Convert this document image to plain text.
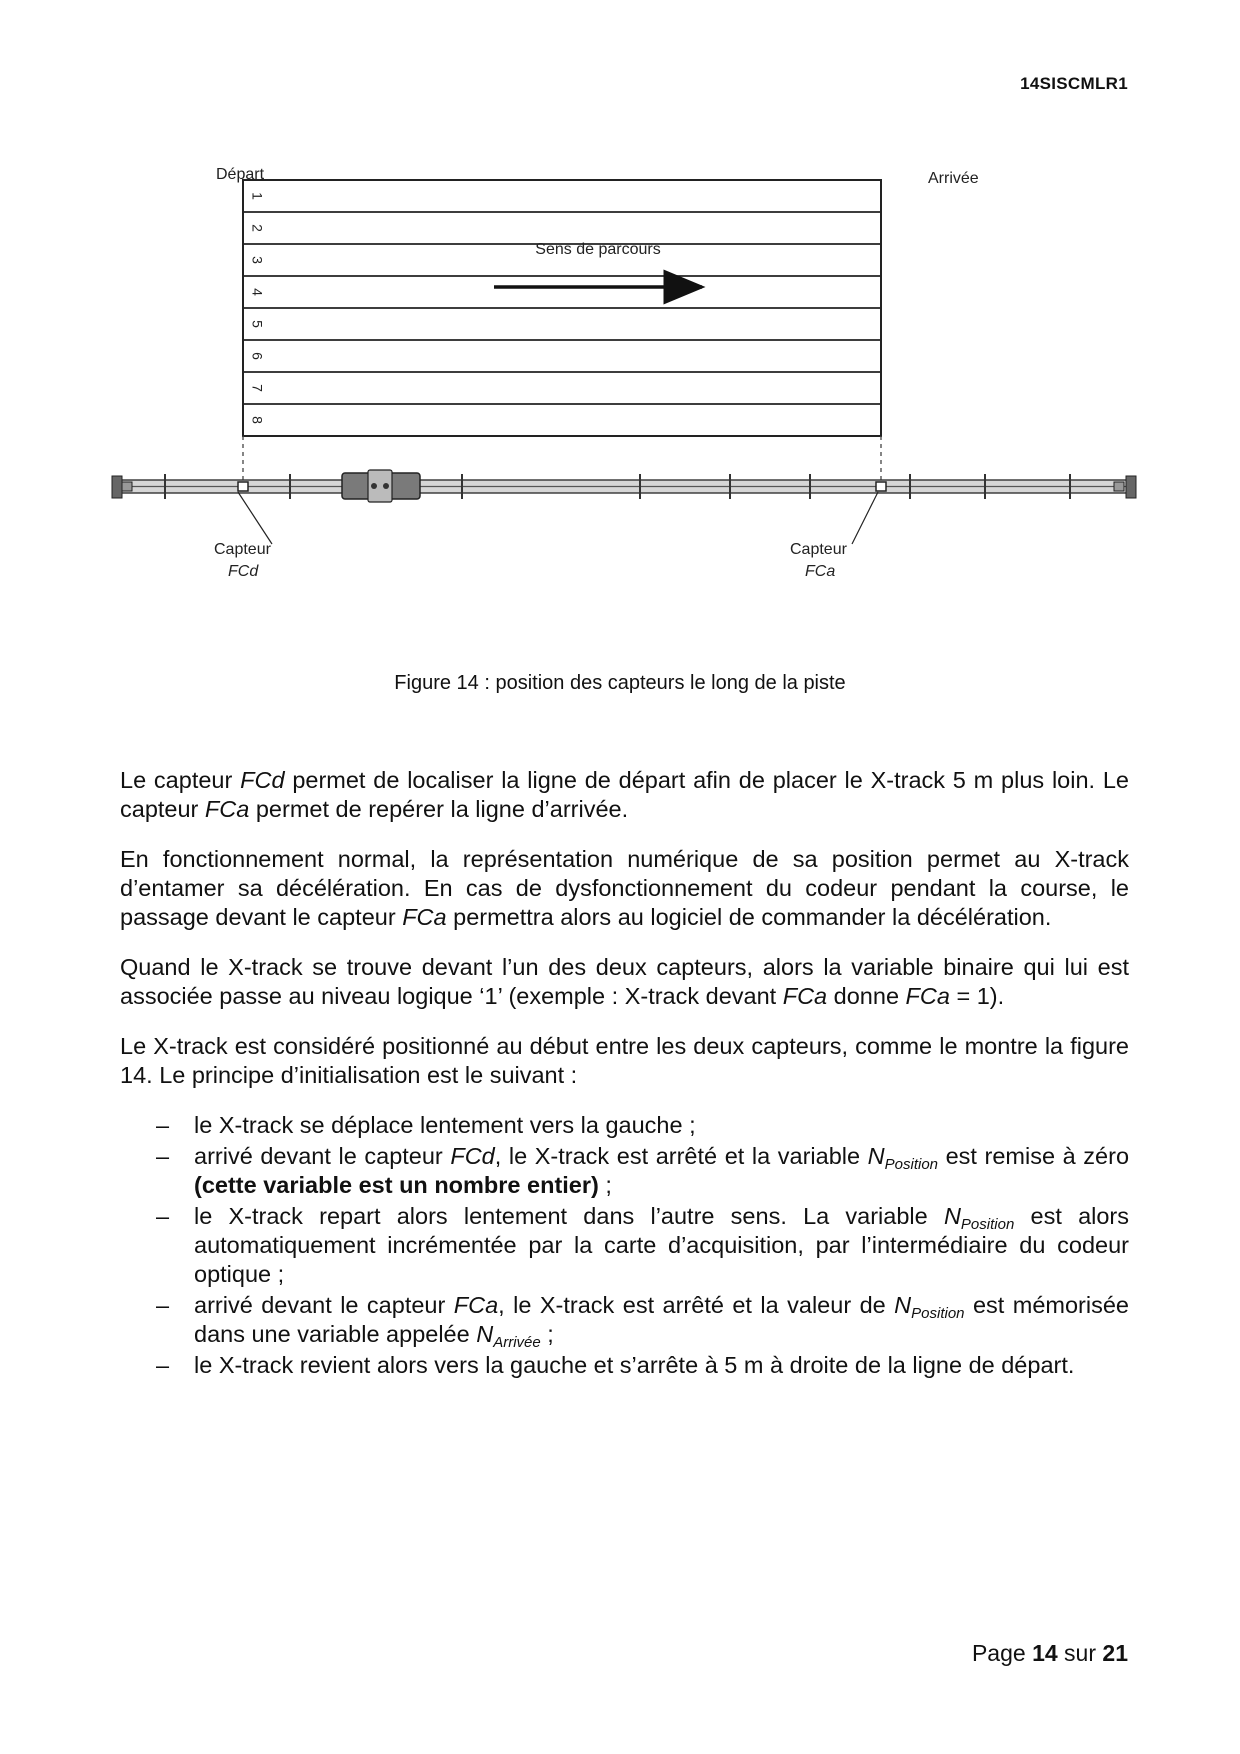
14SISCMLR1
Départ	Arrivée
1
2
3
4
5
6
7
8
Sens de parcours
Capteur
FCd
Capteur
FCa
Figure 14 : position des capteurs le long de la piste

Le capteur FCd permet de localiser la ligne de départ afin de placer le X-track 5 m plus loin. Le capteur FCa permet de repérer la ligne d’arrivée.

En fonctionnement normal, la représentation numérique de sa position permet au X-track d’entamer sa décélération. En cas de dysfonctionnement du codeur pendant la course, le passage devant le capteur FCa permettra alors au logiciel de commander la décélération.

Quand le X-track se trouve devant l’un des deux capteurs, alors la variable binaire qui lui est associée passe au niveau logique ‘1’ (exemple : X-track devant FCa donne FCa = 1).

Le X-track est considéré positionné au début entre les deux capteurs, comme le montre la figure 14. Le principe d’initialisation est le suivant :

– le X-track se déplace lentement vers la gauche ;
– arrivé devant le capteur FCd, le X-track est arrêté et la variable $N_{Position}$ est remise à zéro (cette variable est un nombre entier) ;
– le X-track repart alors lentement dans l’autre sens. La variable $N_{Position}$ est alors automatiquement incrémentée par la carte d’acquisition, par l’intermédiaire du codeur optique ;
– arrivé devant le capteur FCa, le X-track est arrêté et la valeur de $N_{Position}$ est mémorisée dans une variable appelée $N_{Arrivée}$ ;
– le X-track revient alors vers la gauche et s’arrête à 5 m à droite de la ligne de départ.
Page 14 sur 21
